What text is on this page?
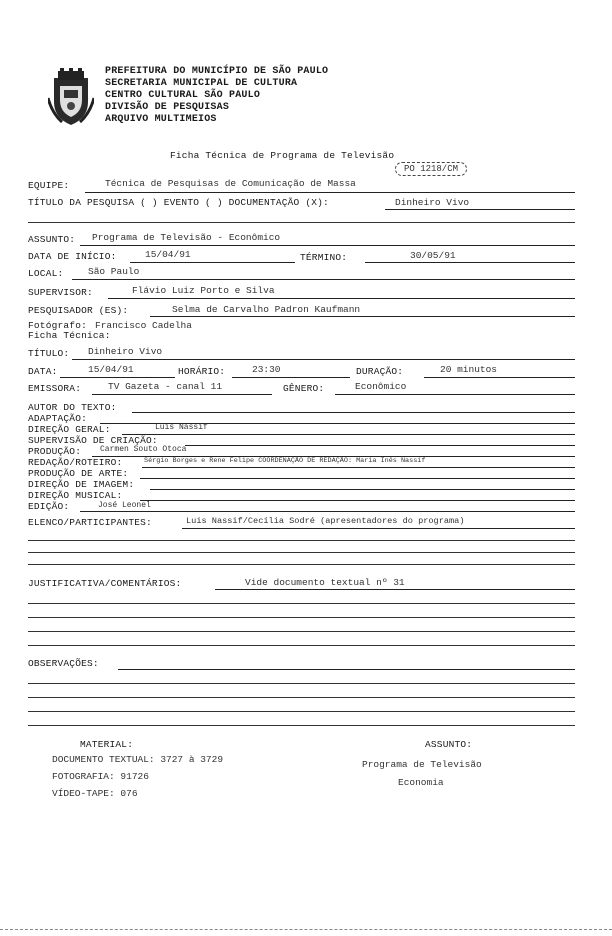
PREFEITURA DO MUNICÍPIO DE SÃO PAULO
SECRETARIA MUNICIPAL DE CULTURA
CENTRO CULTURAL SÃO PAULO
DIVISÃO DE PESQUISAS
ARQUIVO MULTIMEIOS
Ficha Técnica de Programa de Televisão
PO 1218/CM
EQUIPE:	Técnica de Pesquisas de Comunicação de Massa
TÍTULO DA PESQUISA ( ) EVENTO ( ) DOCUMENTAÇÃO (X):	Dinheiro Vivo
ASSUNTO: Programa de Televisão - Econômico
DATA DE INÍCIO:	15/04/91	TÉRMINO:	30/05/91
LOCAL:	São Paulo
SUPERVISOR:	Flávio Luiz Porto e Silva
PESQUISADOR (ES):	Selma de Carvalho Padron Kaufmann
Fotógrafo: Francisco Cadelha
Ficha Técnica:
TÍTULO: Dinheiro Vivo
DATA:	15/04/91	HORÁRIO:	23:30	DURAÇÃO:	20 minutos
EMISSORA:	TV Gazeta - canal 11	GÊNERO:	Econômico
AUTOR DO TEXTO:
ADAPTAÇÃO:
DIREÇÃO GERAL:	Luis Nassif
SUPERVISÃO DE CRIAÇÃO:
PRODUÇÃO: Carmen Souto Otoca
REDAÇÃO/ROTEIRO:	Sérgio Borges e Rene Felipe COORDENAÇÃO DE REDAÇÃO: Maria Inês Nassif
PRODUÇÃO DE ARTE:
DIREÇÃO DE IMAGEM:
DIREÇÃO MUSICAL:
EDIÇÃO:	José Leonel
ELENCO/PARTICIPANTES:	Luis Nassif/Cecília Sodré (apresentadores do programa)
JUSTIFICATIVA/COMENTÁRIOS:	Vide documento textual nº 31
OBSERVAÇÕES:
MATERIAL:
DOCUMENTO TEXTUAL: 3727 à 3729
FOTOGRAFIA: 91726
VÍDEO-TAPE: 076
ASSUNTO:
Programa de Televisão
Economia
